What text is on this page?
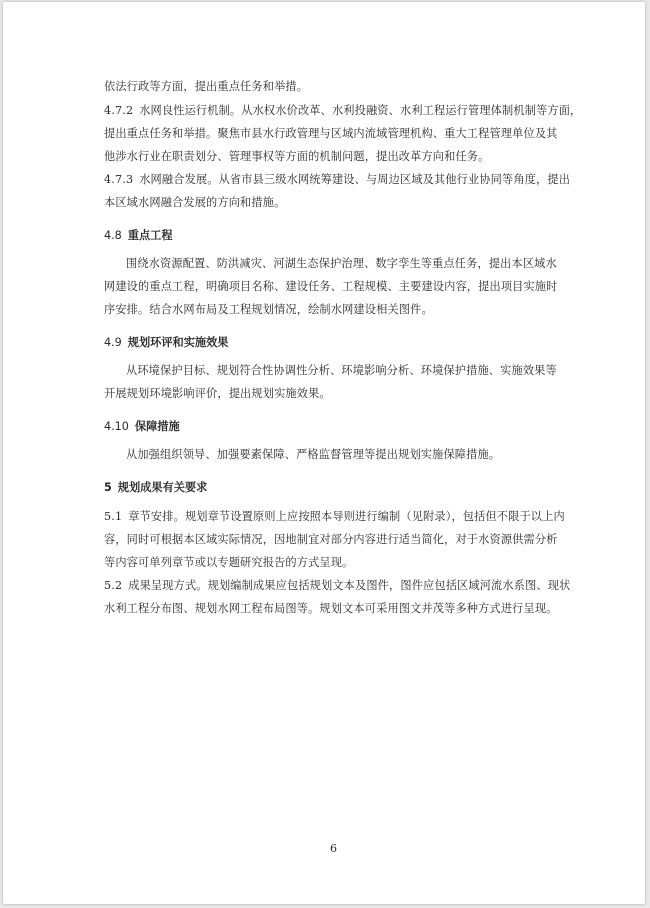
依法行政等方面，提出重点任务和举措。
4.7.2 水网良性运行机制。从水权水价改革、水利投融资、水利工程运行管理体制机制等方面，
提出重点任务和举措。聚焦市县水行政管理与区域内流域管理机构、重大工程管理单位及其
他涉水行业在职责划分、管理事权等方面的机制问题，提出改革方向和任务。
4.7.3 水网融合发展。从省市县三级水网统筹建设、与周边区域及其他行业协同等角度，提出
本区域水网融合发展的方向和措施。
4.8 重点工程
围绕水资源配置、防洪减灾、河湖生态保护治理、数字孪生等重点任务，提出本区域水
网建设的重点工程，明确项目名称、建设任务、工程规模、主要建设内容，提出项目实施时
序安排。结合水网布局及工程规划情况，绘制水网建设相关图件。
4.9 规划环评和实施效果
从环境保护目标、规划符合性协调性分析、环境影响分析、环境保护措施、实施效果等
开展规划环境影响评价，提出规划实施效果。
4.10 保障措施
从加强组织领导、加强要素保障、严格监督管理等提出规划实施保障措施。
5 规划成果有关要求
5.1 章节安排。规划章节设置原则上应按照本导则进行编制（见附录），包括但不限于以上内
容，同时可根据本区域实际情况，因地制宜对部分内容进行适当简化，对于水资源供需分析
等内容可单列章节或以专题研究报告的方式呈现。
5.2 成果呈现方式。规划编制成果应包括规划文本及图件，图件应包括区域河流水系图、现状
水利工程分布图、规划水网工程布局图等。规划文本可采用图文并茂等多种方式进行呈现。
6
